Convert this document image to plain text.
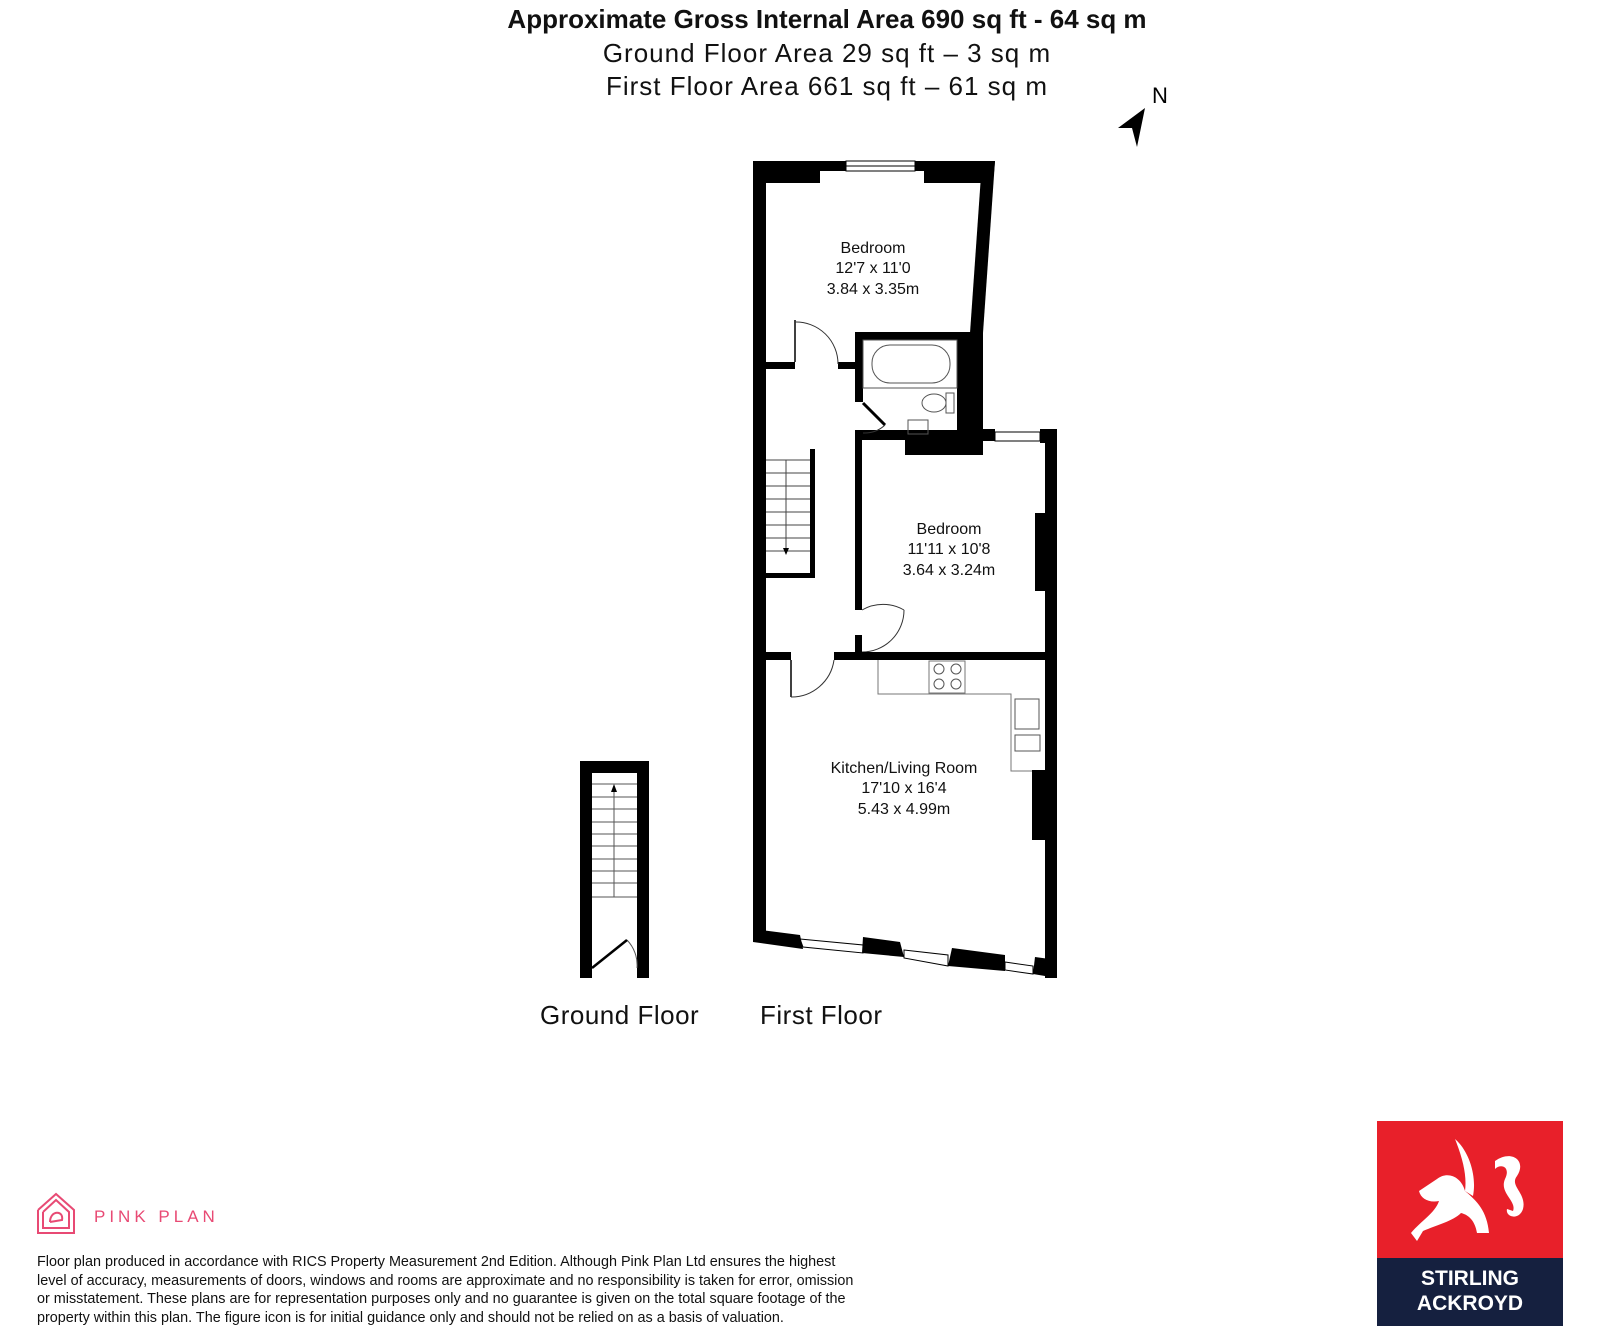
Approximate Gross Internal Area 690 sq ft - 64 sq m
Ground Floor Area 29 sq ft – 3 sq m
First Floor Area 661 sq ft – 61 sq m	N
Bedroom
12'7 x 11'0
3.84 x 3.35m
Bedroom
11'11 x 10'8
3.64 x 3.24m
Kitchen/Living Room
17'10 x 16'4
5.43 x 4.99m
Ground Floor First Floor
PINK PLAN
Floor plan produced in accordance with RICS Property Measurement 2nd Edition. Although Pink Plan Ltd ensures the highest
level of accuracy, measurements of doors, windows and rooms are approximate and no responsibility is taken for error, omission
or misstatement. These plans are for representation purposes only and no guarantee is given on the total square footage of the
property within this plan. The figure icon is for initial guidance only and should not be relied on as a basis of valuation.
STIRLING
ACKROYD
